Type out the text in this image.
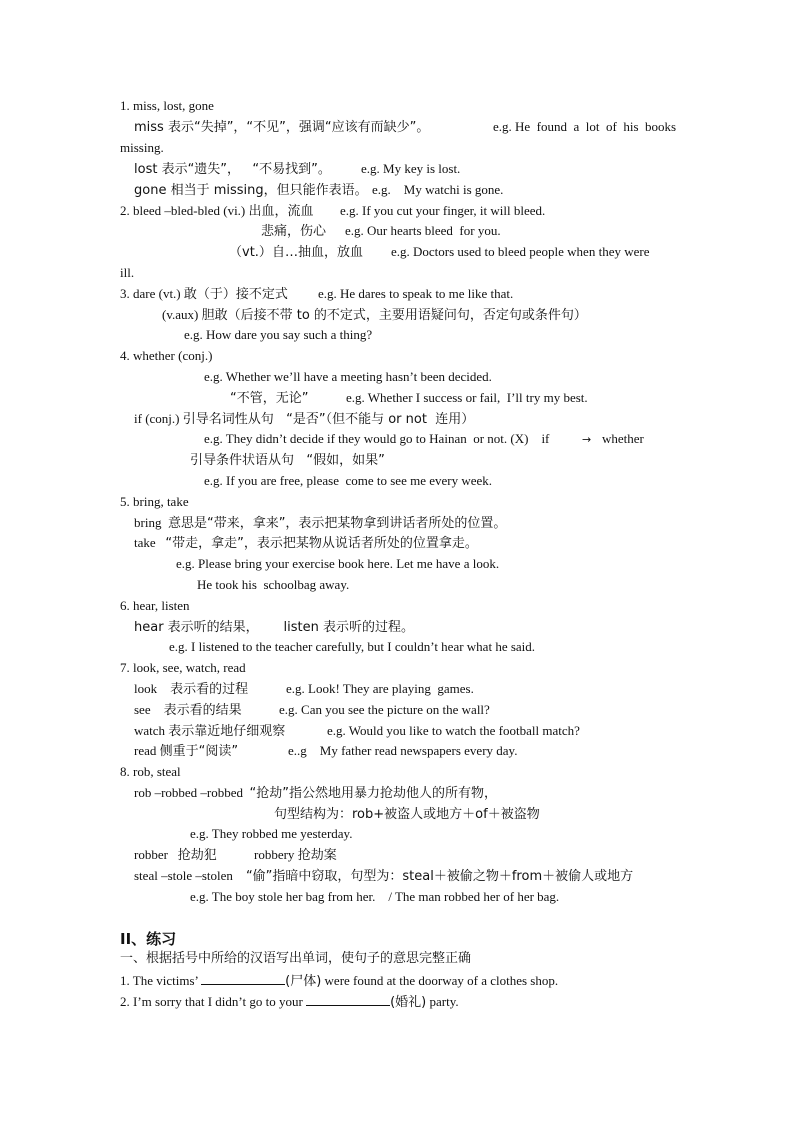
1. miss, lost, gone
miss 表示“失掉”，“不见”，强调“应该有而缺少”。	e.g. He  found  a  lot  of  his  books
missing.
lost 表示“遗失”，   “不易找到”。 e.g. My key is lost.
gone 相当于 missing，但只能作表语。 e.g.    My watchi is gone.
2. bleed –bled-bled (vi.) 出血，流血 e.g. If you cut your finger, it will bleed.
悲痛，伤心 e.g. Our hearts bleed  for you.
（vt.）自…抽血，放血 e.g. Doctors used to bleed people when they were
ill.
3. dare (vt.) 敢（于）接不定式 e.g. He dares to speak to me like that.
(v.aux) 胆敢（后接不带 to 的不定式，主要用语疑问句，否定句或条件句）
e.g. How dare you say such a thing?
4. whether (conj.)
e.g. Whether we’ll have a meeting hasn’t been decided.
“不管，无论”	e.g. Whether I success or fail,  I’ll try my best.
if (conj.) 引导名词性从句   “是否”（但不能与 or not  连用）
e.g. They didn’t decide if they would go to Hainan  or not. (X)    if	→ whether
引导条件状语从句   “假如，如果”
e.g. If you are free, please  come to see me every week.
5. bring, take
bring  意思是“带来，拿来”，表示把某物拿到讲话者所处的位置。
take   “带走，拿走”，表示把某物从说话者所处的位置拿走。
e.g. Please bring your exercise book here. Let me have a look.
He took his  schoolbag away.
6. hear, listen
hear 表示听的结果，      listen 表示听的过程。
e.g. I listened to the teacher carefully, but I couldn’t hear what he said.
7. look, see, watch, read
look    表示看的过程	e.g. Look! They are playing  games.
see    表示看的结果	e.g. Can you see the picture on the wall?
watch 表示靠近地仔细观察	e.g. Would you like to watch the football match?
read 侧重于“阅读”	e..g    My father read newspapers every day.
8. rob, steal
rob –robbed –robbed  “抢劫”指公然地用暴力抢劫他人的所有物，
句型结构为：rob+被盗人或地方＋of＋被盗物
e.g. They robbed me yesterday.
robber   抢劫犯	robbery 抢劫案
steal –stole –stolen    “偷”指暗中窃取，句型为：steal＋被偷之物＋from＋被偷人或地方
e.g. The boy stole her bag from her.    / The man robbed her of her bag.
II、练习
一、根据括号中所给的汉语写出单词，使句子的意思完整正确
1. The victims’	(尸体) were found at the doorway of a clothes shop.
2. I’m sorry that I didn’t go to your	(婚礼) party.
